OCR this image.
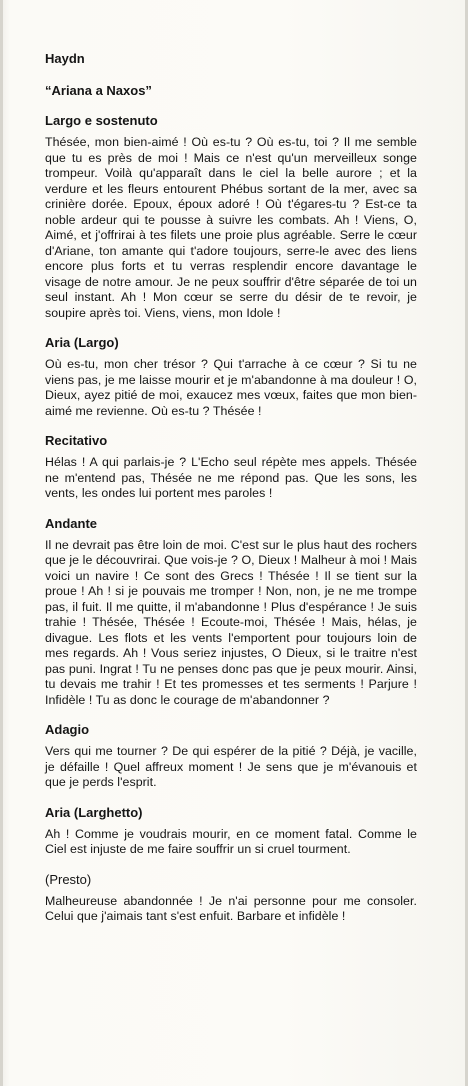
Haydn
“Ariana a Naxos”
Largo e sostenuto

Thésée, mon bien-aimé ! Où es-tu ? Où es-tu, toi ? Il me semble que tu es près de moi ! Mais ce n'est qu'un merveilleux songe trompeur. Voilà qu'apparaît dans le ciel la belle aurore ; et la verdure et les fleurs entourent Phébus sortant de la mer, avec sa crinière dorée. Epoux, époux adoré ! Où t'égares-tu ? Est-ce ta noble ardeur qui te pousse à suivre les combats. Ah ! Viens, O, Aimé, et j'offrirai à tes filets une proie plus agréable. Serre le cœur d'Ariane, ton amante qui t'adore toujours, serre-le avec des liens encore plus forts et tu verras resplendir encore davantage le visage de notre amour. Je ne peux souffrir d'être séparée de toi un seul instant. Ah ! Mon cœur se serre du désir de te revoir, je soupire après toi. Viens, viens, mon Idole !

Aria (Largo)

Où es-tu, mon cher trésor ? Qui t'arrache à ce cœur ? Si tu ne viens pas, je me laisse mourir et je m'abandonne à ma douleur ! O, Dieux, ayez pitié de moi, exaucez mes vœux, faites que mon bien-aimé me revienne. Où es-tu ? Thésée !

Recitativo

Hélas ! A qui parlais-je ? L'Echo seul répète mes appels. Thésée ne m'entend pas, Thésée ne me répond pas. Que les sons, les vents, les ondes lui portent mes paroles !

Andante

Il ne devrait pas être loin de moi. C'est sur le plus haut des rochers que je le découvrirai. Que vois-je ? O, Dieux ! Malheur à moi ! Mais voici un navire ! Ce sont des Grecs ! Thésée ! Il se tient sur la proue ! Ah ! si je pouvais me tromper ! Non, non, je ne me trompe pas, il fuit. Il me quitte, il m'abandonne ! Plus d'espérance ! Je suis trahie ! Thésée, Thésée ! Ecoute-moi, Thésée ! Mais, hélas, je divague. Les flots et les vents l'emportent pour toujours loin de mes regards. Ah ! Vous seriez injustes, O Dieux, si le traitre n'est pas puni. Ingrat ! Tu ne penses donc pas que je peux mourir. Ainsi, tu devais me trahir ! Et tes promesses et tes serments ! Parjure ! Infidèle ! Tu as donc le courage de m'abandonner ?

Adagio

Vers qui me tourner ? De qui espérer de la pitié ? Déjà, je vacille, je défaille ! Quel affreux moment ! Je sens que je m'évanouis et que je perds l'esprit.

Aria (Larghetto)

Ah ! Comme je voudrais mourir, en ce moment fatal. Comme le Ciel est injuste de me faire souffrir un si cruel tourment.

(Presto)

Malheureuse abandonnée ! Je n'ai personne pour me consoler. Celui que j'aimais tant s'est enfuit. Barbare et infidèle !
